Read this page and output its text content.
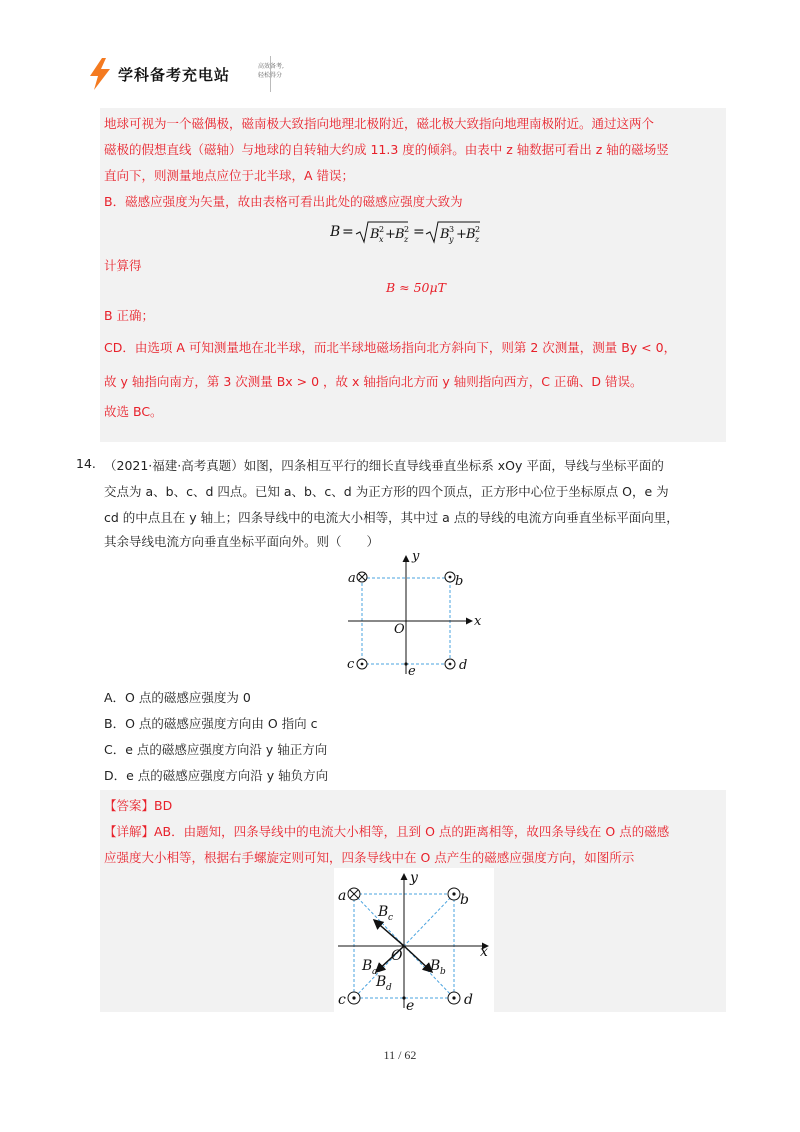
学科备考充电站	高效备考,
轻松得分
地球可视为一个磁偶极，磁南极大致指向地理北极附近，磁北极大致指向地理南极附近。通过这两个
磁极的假想直线（磁轴）与地球的自转轴大约成 11.3 度的倾斜。由表中 z 轴数据可看出 z 轴的磁场竖
直向下，则测量地点应位于北半球，A 错误；
B．磁感应强度为矢量，故由表格可看出此处的磁感应强度大致为
B = B x
2 + B z
2 = B y
3 + B z
2
计算得
B ≈ 50μT
B 正确；
CD．由选项 A 可知测量地在北半球，而北半球地磁场指向北方斜向下，则第 2 次测量，测量 By < 0，
故 y 轴指向南方，第 3 次测量 Bx > 0 ，故 x 轴指向北方而 y 轴则指向西方，C 正确、D 错误。
故选 BC。
14. （2021·福建·高考真题）如图，四条相互平行的细长直导线垂直坐标系 xOy 平面，导线与坐标平面的
交点为 a、b、c、d 四点。已知 a、b、c、d 为正方形的四个顶点，正方形中心位于坐标原点 O，e 为
cd 的中点且在 y 轴上；四条导线中的电流大小相等，其中过 a 点的导线的电流方向垂直坐标平面向里，
其余导线电流方向垂直坐标平面向外。则（　　）
a	b
c	d
e
O
x
y
A．O 点的磁感应强度为 0
B．O 点的磁感应强度方向由 O 指向 c
C．e 点的磁感应强度方向沿 y 轴正方向
D．e 点的磁感应强度方向沿 y 轴负方向
【答案】BD
【详解】AB．由题知，四条导线中的电流大小相等，且到 O 点的距离相等，故四条导线在 O 点的磁感
应强度大小相等，根据右手螺旋定则可知，四条导线中在 O 点产生的磁感应强度方向，如图所示
a	b
c	d
e
O	x
y
B c
B a	B b
B d
11 / 62
